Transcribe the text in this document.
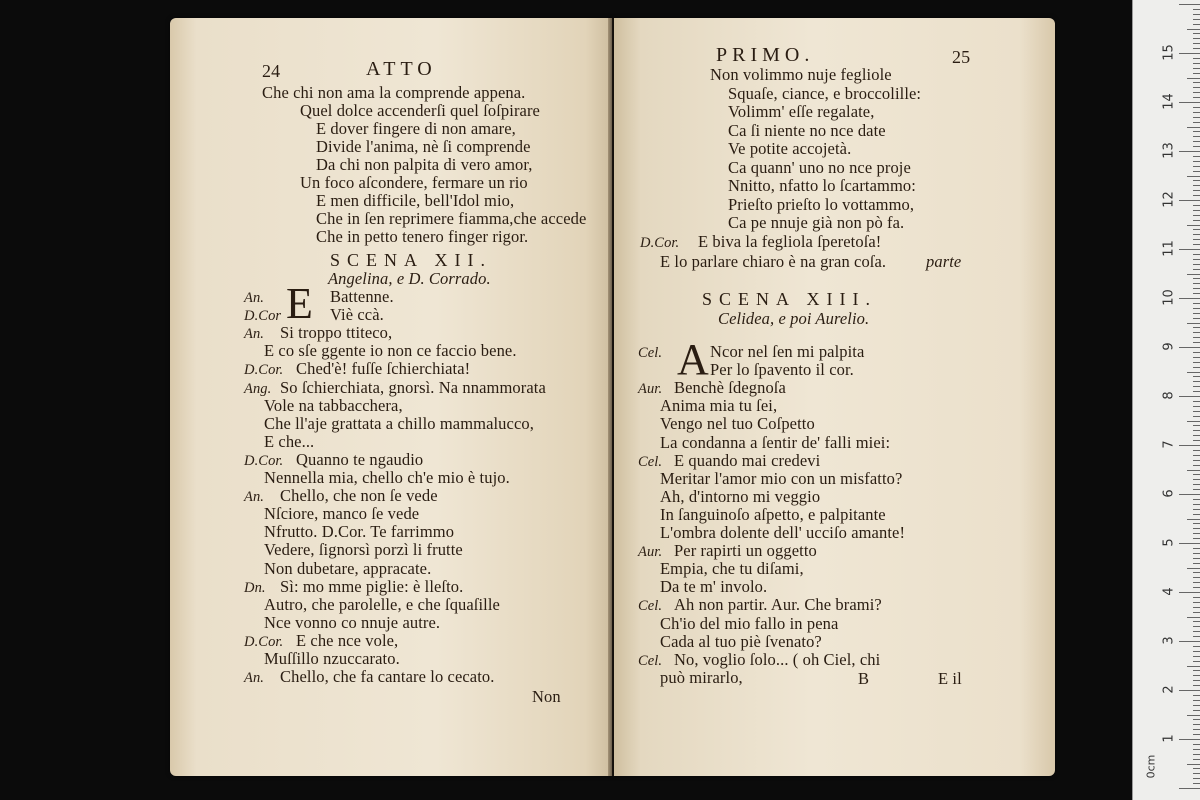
24	ATTO
Che chi non ama la comprende appena.
Quel dolce accenderſi quel ſoſpirare
E dover fingere di non amare,
Divide l'anima, nè ſi comprende
Da chi non palpita di vero amor,
Un foco aſcondere, fermare un rio
E men difficile, bell'Idol mio,
Che in ſen reprimere fiamma,che accede
Che in petto tenero finger rigor.
SCENA XII.
Angelina, e D. Corrado.
E
An.	Battenne.
D.Cor	Viè ccà.
An. Si troppo ttiteco,
E co sſe ggente io non ce faccio bene.
D.Cor. Ched'è! fuſſe ſchierchiata!
Ang. So ſchierchiata, gnorsì. Na nnammorata
Vole na tabbacchera,
Che ll'aje grattata a chillo mammalucco,
E che...
D.Cor. Quanno te ngaudio
Nennella mia, chello ch'e mio è tujo.
An. Chello, che non ſe vede
Nſciore, manco ſe vede
Nfrutto. D.Cor. Te farrimmo
Vedere, ſignorsì porzì li frutte
Non dubetare, appracate.
Dn. Sì: mo mme piglie: è lleſto.
Autro, che parolelle, e che ſquaſille
Nce vonno co nnuje autre.
D.Cor. E che nce vole,
Muſſillo nzuccarato.
An. Chello, che fa cantare lo cecato.
Non
PRIMO.	25
Non volimmo nuje fegliole
Squaſe, ciance, e broccolille:
Volimm' eſſe regalate,
Ca ſi niente no nce date
Ve potite accojetà.
Ca quann' uno no nce proje
Nnitto, nfatto lo ſcartammo:
Prieſto prieſto lo vottammo,
Ca pe nnuje già non pò fa.
D.Cor. E biva la fegliola ſperetoſa!
E lo parlare chiaro è na gran coſa. parte
SCENA XIII.
Celidea, e poi Aurelio.
A
Cel.	Ncor nel ſen mi palpita
Per lo ſpavento il cor.
Aur. Benchè ſdegnoſa
Anima mia tu ſei,
Vengo nel tuo Coſpetto
La condanna a ſentir de' falli miei:
Cel. E quando mai credevi
Meritar l'amor mio con un misfatto?
Ah, d'intorno mi veggio
In ſanguinoſo aſpetto, e palpitante
L'ombra dolente dell' ucciſo amante!
Aur. Per rapirti un oggetto
Empia, che tu diſami,
Da te m' involo.
Cel. Ah non partir. Aur. Che brami?
Ch'io del mio fallo in pena
Cada al tuo piè ſvenato?
Cel. No, voglio ſolo... ( oh Ciel, chi
può mirarlo,	B	E il
0cm
15
14
13
12
11
10
9
8
7
6
5
4
3
2
1
